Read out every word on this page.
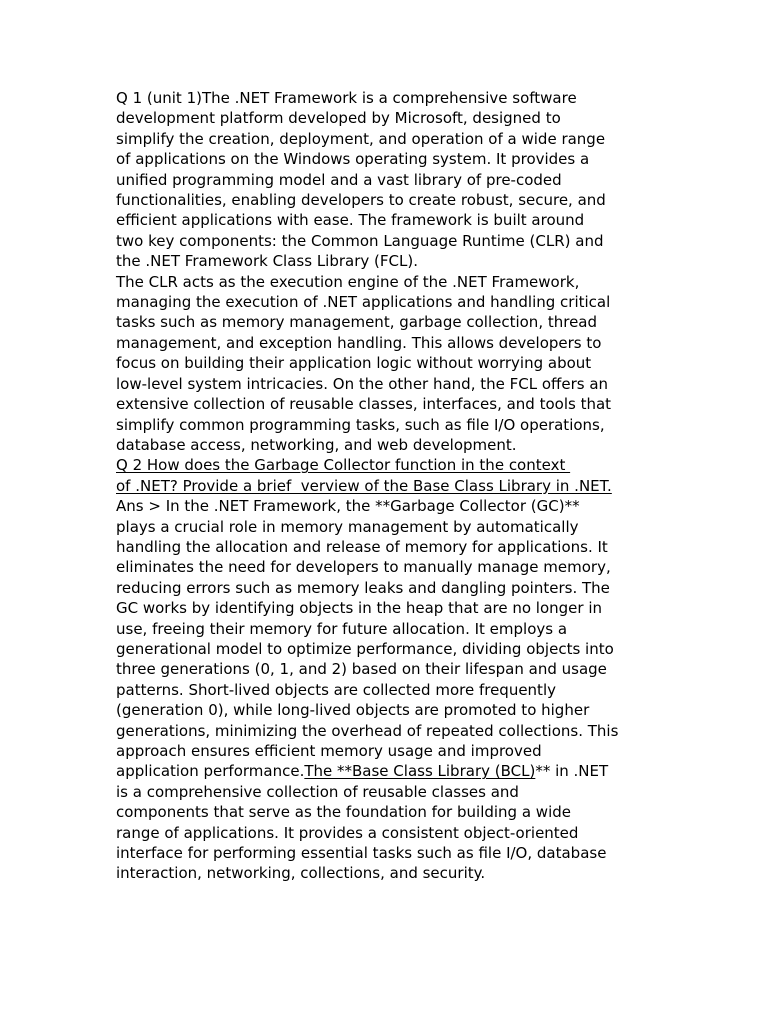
Q 1 (unit 1)The .NET Framework is a comprehensive software
development platform developed by Microsoft, designed to
simplify the creation, deployment, and operation of a wide range
of applications on the Windows operating system. It provides a
unified programming model and a vast library of pre-coded
functionalities, enabling developers to create robust, secure, and
efficient applications with ease. The framework is built around
two key components: the Common Language Runtime (CLR) and
the .NET Framework Class Library (FCL).
The CLR acts as the execution engine of the .NET Framework,
managing the execution of .NET applications and handling critical
tasks such as memory management, garbage collection, thread
management, and exception handling. This allows developers to
focus on building their application logic without worrying about
low-level system intricacies. On the other hand, the FCL offers an
extensive collection of reusable classes, interfaces, and tools that
simplify common programming tasks, such as file I/O operations,
database access, networking, and web development.
Q 2 How does the Garbage Collector function in the context
of .NET? Provide a brief  verview of the Base Class Library in .NET.
Ans > In the .NET Framework, the **Garbage Collector (GC)**
plays a crucial role in memory management by automatically
handling the allocation and release of memory for applications. It
eliminates the need for developers to manually manage memory,
reducing errors such as memory leaks and dangling pointers. The
GC works by identifying objects in the heap that are no longer in
use, freeing their memory for future allocation. It employs a
generational model to optimize performance, dividing objects into
three generations (0, 1, and 2) based on their lifespan and usage
patterns. Short-lived objects are collected more frequently
(generation 0), while long-lived objects are promoted to higher
generations, minimizing the overhead of repeated collections. This
approach ensures efficient memory usage and improved
application performance.The **Base Class Library (BCL)** in .NET
is a comprehensive collection of reusable classes and
components that serve as the foundation for building a wide
range of applications. It provides a consistent object-oriented
interface for performing essential tasks such as file I/O, database
interaction, networking, collections, and security.
